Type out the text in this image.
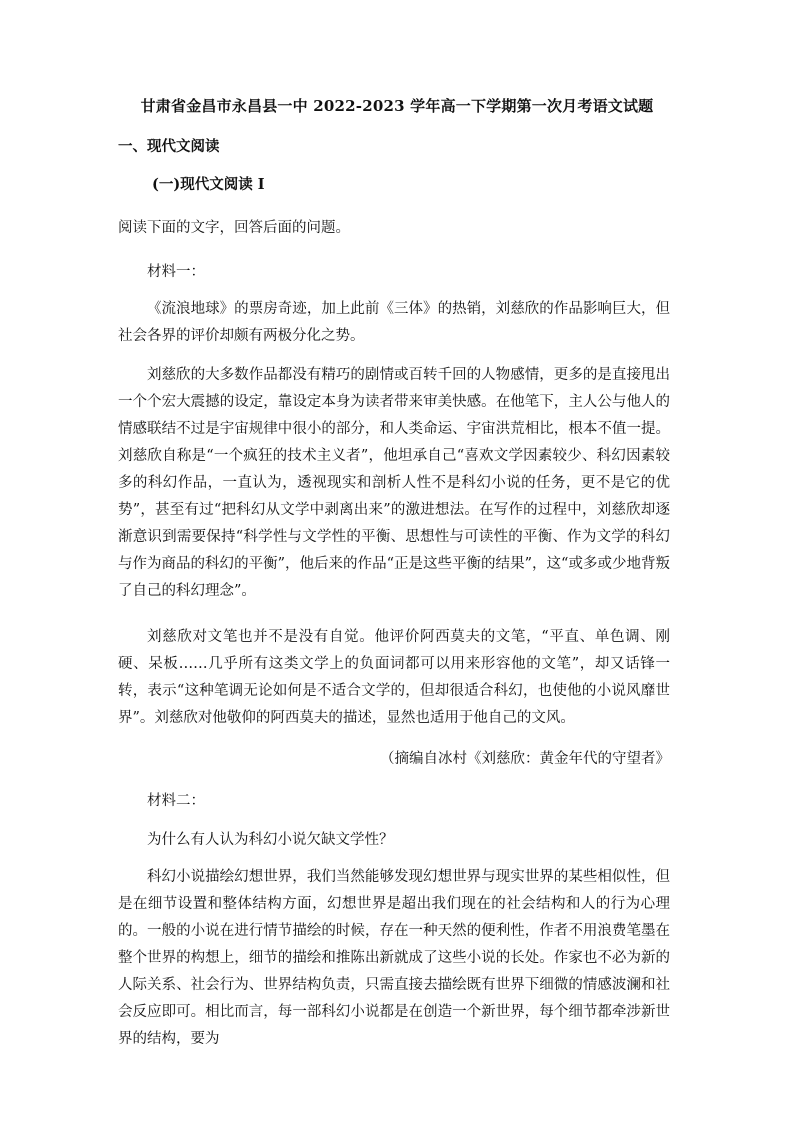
甘肃省金昌市永昌县一中 2022-2023 学年高一下学期第一次月考语文试题
一、现代文阅读
(一)现代文阅读 I

阅读下面的文字，回答后面的问题。

材料一：

《流浪地球》的票房奇迹，加上此前《三体》的热销，刘慈欣的作品影响巨大，但社会各界的评价却颇有两极分化之势。

刘慈欣的大多数作品都没有精巧的剧情或百转千回的人物感情，更多的是直接甩出一个个宏大震撼的设定，靠设定本身为读者带来审美快感。在他笔下，主人公与他人的情感联结不过是宇宙规律中很小的部分，和人类命运、宇宙洪荒相比，根本不值一提。刘慈欣自称是“一个疯狂的技术主义者”，他坦承自己“喜欢文学因素较少、科幻因素较多的科幻作品，一直认为，透视现实和剖析人性不是科幻小说的任务，更不是它的优势”，甚至有过“把科幻从文学中剥离出来”的激进想法。在写作的过程中，刘慈欣却逐渐意识到需要保持“科学性与文学性的平衡、思想性与可读性的平衡、作为文学的科幻与作为商品的科幻的平衡”，他后来的作品“正是这些平衡的结果”，这“或多或少地背叛了自己的科幻理念”。

刘慈欣对文笔也并不是没有自觉。他评价阿西莫夫的文笔，“平直、单色调、刚硬、呆板……几乎所有这类文学上的负面词都可以用来形容他的文笔”，却又话锋一转，表示“这种笔调无论如何是不适合文学的，但却很适合科幻，也使他的小说风靡世界”。刘慈欣对他敬仰的阿西莫夫的描述，显然也适用于他自己的文风。

（摘编自冰村《刘慈欣：黄金年代的守望者》

材料二：

为什么有人认为科幻小说欠缺文学性？

科幻小说描绘幻想世界，我们当然能够发现幻想世界与现实世界的某些相似性，但是在细节设置和整体结构方面，幻想世界是超出我们现在的社会结构和人的行为心理的。一般的小说在进行情节描绘的时候，存在一种天然的便利性，作者不用浪费笔墨在整个世界的构想上，细节的描绘和推陈出新就成了这些小说的长处。作家也不必为新的人际关系、社会行为、世界结构负责，只需直接去描绘既有世界下细微的情感波澜和社会反应即可。相比而言，每一部科幻小说都是在创造一个新世界，每个细节都牵涉新世界的结构，要为
